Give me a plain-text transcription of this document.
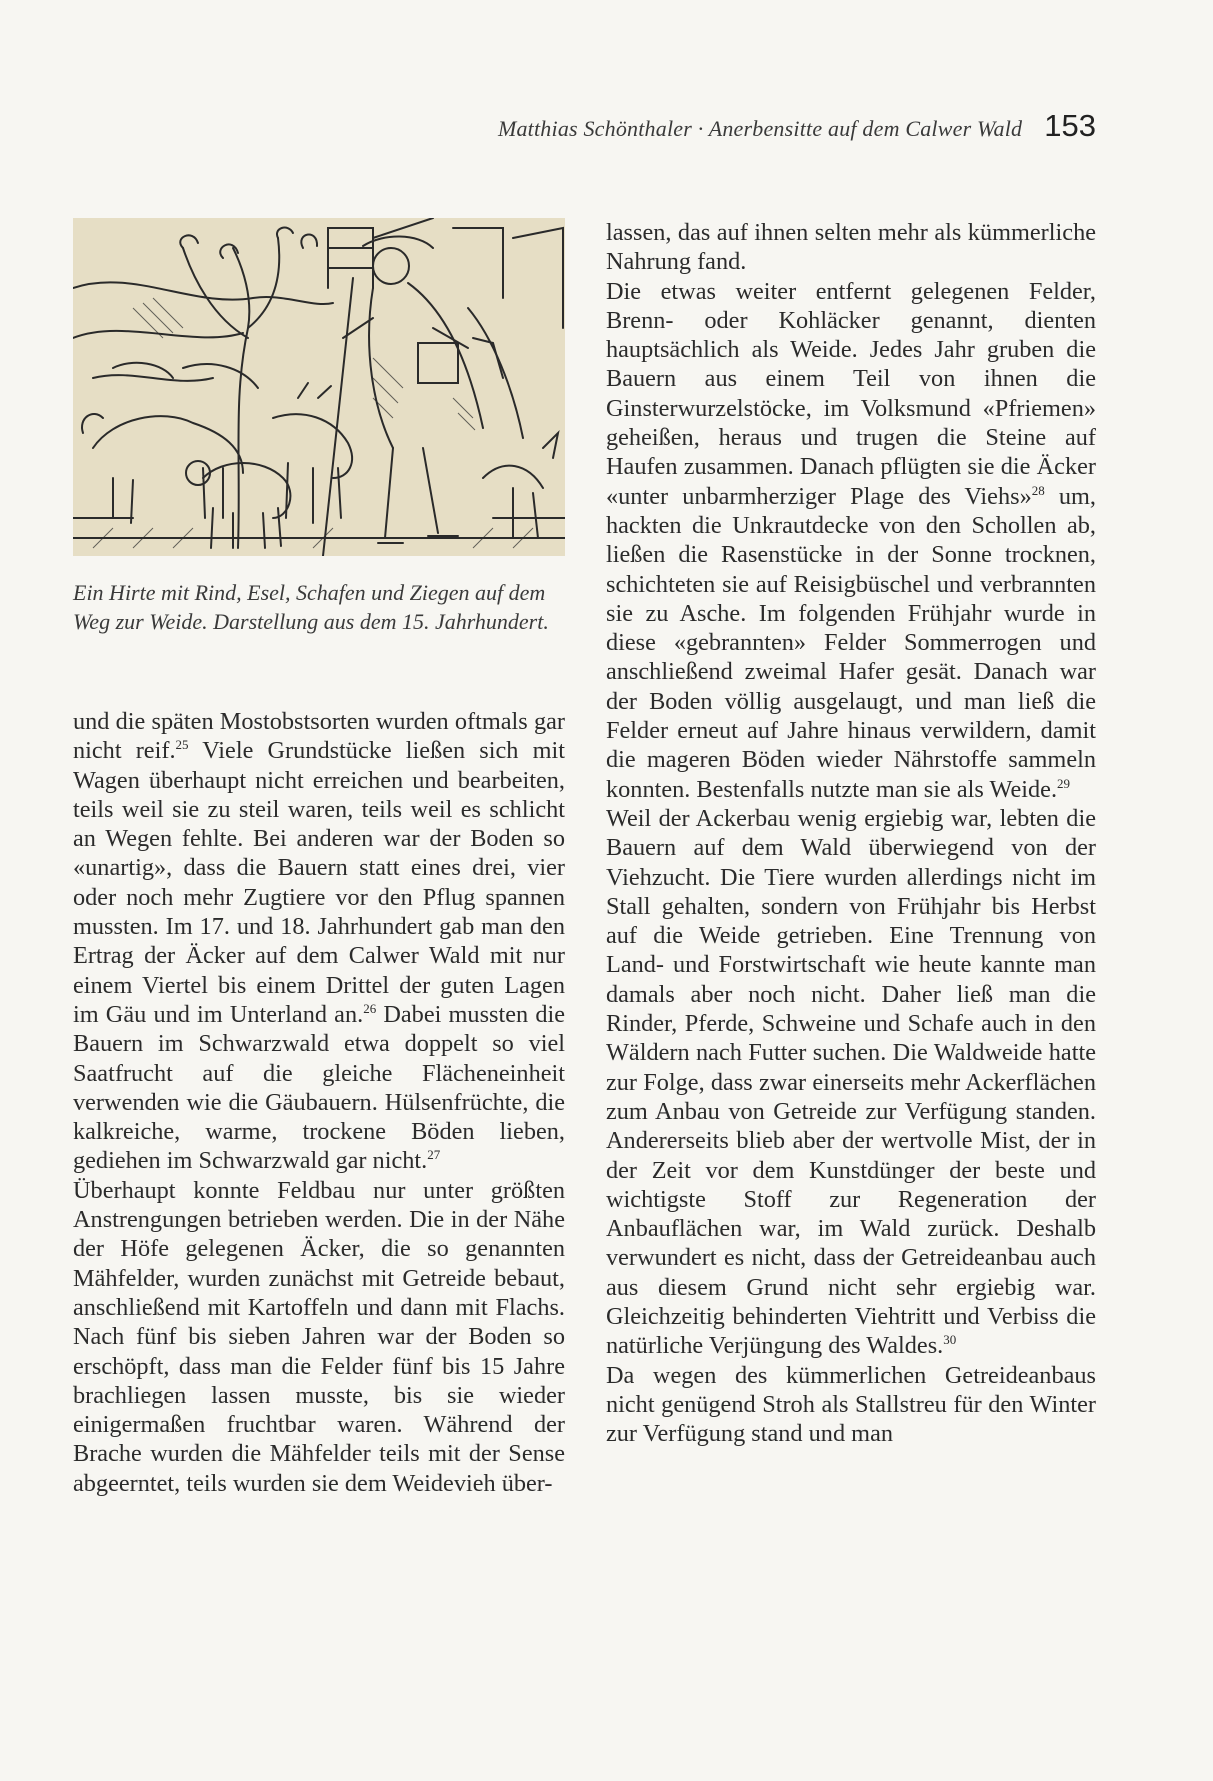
Matthias Schönthaler · Anerbensitte auf dem Calwer Wald 153
Ein Hirte mit Rind, Esel, Schafen und Ziegen auf dem Weg zur Weide. Darstellung aus dem 15. Jahrhundert.

und die späten Mostobstsorten wurden oftmals gar nicht reif.$^{25}$ Viele Grundstücke ließen sich mit Wagen überhaupt nicht erreichen und bearbeiten, teils weil sie zu steil waren, teils weil es schlicht an Wegen fehlte. Bei anderen war der Boden so «unartig», dass die Bauern statt eines drei, vier oder noch mehr Zugtiere vor den Pflug spannen mussten. Im 17. und 18. Jahrhundert gab man den Ertrag der Äcker auf dem Calwer Wald mit nur einem Viertel bis einem Drittel der guten Lagen im Gäu und im Unterland an.$^{26}$ Dabei mussten die Bauern im Schwarzwald etwa doppelt so viel Saatfrucht auf die gleiche Flächeneinheit verwenden wie die Gäubauern. Hülsenfrüchte, die kalkreiche, warme, trockene Böden lieben, gediehen im Schwarzwald gar nicht.$^{27}$

Überhaupt konnte Feldbau nur unter größten Anstrengungen betrieben werden. Die in der Nähe der Höfe gelegenen Äcker, die so genannten Mähfelder, wurden zunächst mit Getreide bebaut, anschließend mit Kartoffeln und dann mit Flachs. Nach fünf bis sieben Jahren war der Boden so erschöpft, dass man die Felder fünf bis 15 Jahre brachliegen lassen musste, bis sie wieder einigermaßen fruchtbar waren. Während der Brache wurden die Mähfelder teils mit der Sense abgeerntet, teils wurden sie dem Weidevieh über-

lassen, das auf ihnen selten mehr als kümmerliche Nahrung fand.

Die etwas weiter entfernt gelegenen Felder, Brenn- oder Kohläcker genannt, dienten hauptsächlich als Weide. Jedes Jahr gruben die Bauern aus einem Teil von ihnen die Ginsterwurzelstöcke, im Volksmund «Pfriemen» geheißen, heraus und trugen die Steine auf Haufen zusammen. Danach pflügten sie die Äcker «unter unbarmherziger Plage des Viehs»$^{28}$ um, hackten die Unkrautdecke von den Schollen ab, ließen die Rasenstücke in der Sonne trocknen, schichteten sie auf Reisigbüschel und verbrannten sie zu Asche. Im folgenden Frühjahr wurde in diese «gebrannten» Felder Sommerrogen und anschließend zweimal Hafer gesät. Danach war der Boden völlig ausgelaugt, und man ließ die Felder erneut auf Jahre hinaus verwildern, damit die mageren Böden wieder Nährstoffe sammeln konnten. Bestenfalls nutzte man sie als Weide.$^{29}$

Weil der Ackerbau wenig ergiebig war, lebten die Bauern auf dem Wald überwiegend von der Viehzucht. Die Tiere wurden allerdings nicht im Stall gehalten, sondern von Frühjahr bis Herbst auf die Weide getrieben. Eine Trennung von Land- und Forstwirtschaft wie heute kannte man damals aber noch nicht. Daher ließ man die Rinder, Pferde, Schweine und Schafe auch in den Wäldern nach Futter suchen. Die Waldweide hatte zur Folge, dass zwar einerseits mehr Ackerflächen zum Anbau von Getreide zur Verfügung standen. Andererseits blieb aber der wertvolle Mist, der in der Zeit vor dem Kunstdünger der beste und wichtigste Stoff zur Regeneration der Anbauflächen war, im Wald zurück. Deshalb verwundert es nicht, dass der Getreideanbau auch aus diesem Grund nicht sehr ergiebig war. Gleichzeitig behinderten Viehtritt und Verbiss die natürliche Verjüngung des Waldes.$^{30}$

Da wegen des kümmerlichen Getreideanbaus nicht genügend Stroh als Stallstreu für den Winter zur Verfügung stand und man
